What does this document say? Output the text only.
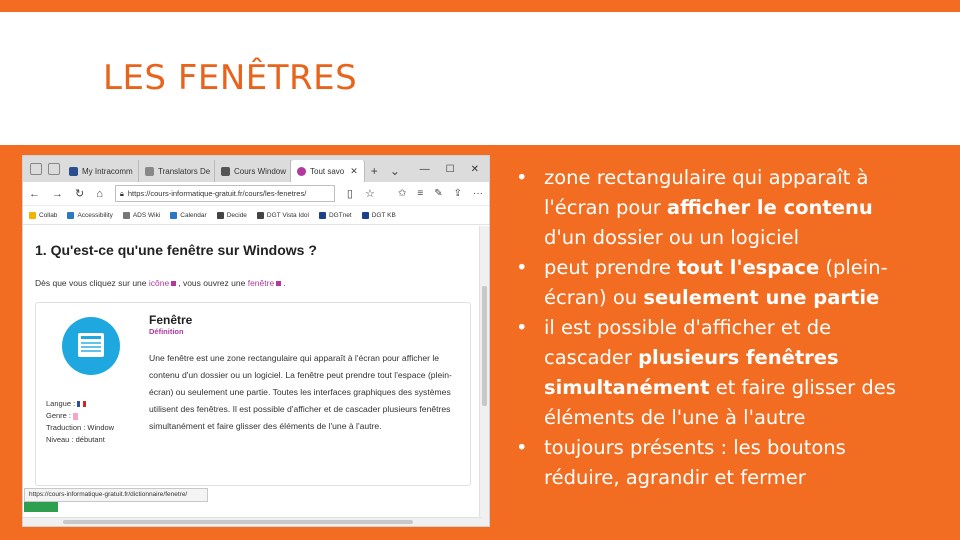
LES FENÊTRES
My Intracomm	Translators De	Cours Window	Tout savo ✕	+	⌄	— ☐ ✕
← → ↻ ⌂ 🔒︎ https://cours-informatique-gratuit.fr/cours/les-fenetres/	▯ ☆ ✩ ≡ ✎ ⇪ ···
Collab	Accessibility	ADS Wiki	Calendar	Decide	DGT Vista Idol	DGTnet	DGT KB
1. Qu'est-ce qu'une fenêtre sur Windows ?
Dès que vous cliquez sur une icône , vous ouvrez une fenêtre .
Langue :
Genre :
Traduction : Window
Niveau : débutant
Fenêtre
Définition
Une fenêtre est une zone rectangulaire qui apparaît à l'écran pour afficher le contenu d'un dossier ou un logiciel. La fenêtre peut prendre tout l'espace (plein-écran) ou seulement une partie. Toutes les interfaces graphiques des systèmes utilisent des fenêtres. Il est possible d'afficher et de cascader plusieurs fenêtres simultanément et faire glisser des éléments de l'une à l'autre.
https://cours-informatique-gratuit.fr/dictionnaire/fenetre/
• zone rectangulaire qui apparaît à l'écran pour afficher le contenu d'un dossier ou un logiciel
• peut prendre tout l'espace (plein-écran) ou seulement une partie
• il est possible d'afficher et de cascader plusieurs fenêtres simultanément et faire glisser des éléments de l'une à l'autre
• toujours présents : les boutons réduire, agrandir et fermer
